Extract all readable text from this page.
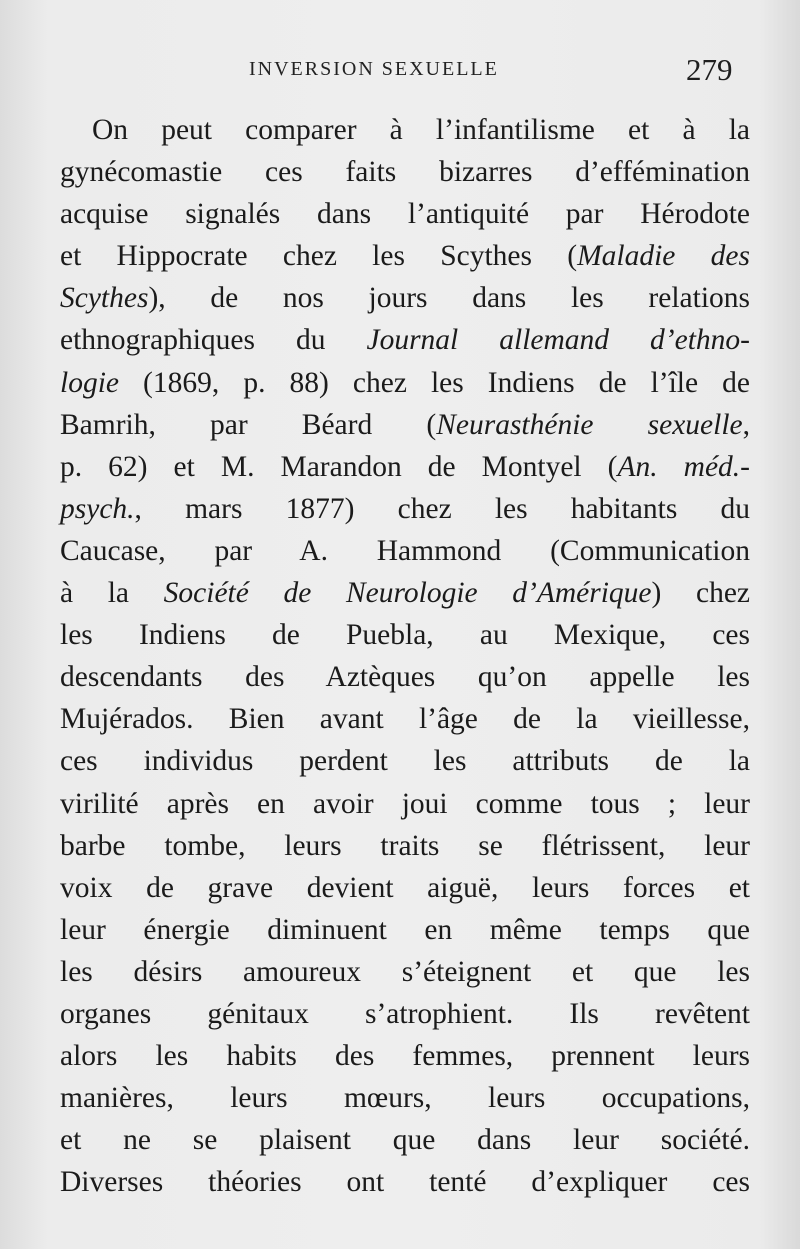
INVERSION SEXUELLE	279
On peut comparer à l’infantilisme et à la
gynécomastie ces faits bizarres d’effémination
acquise signalés dans l’antiquité par Hérodote
et Hippocrate chez les Scythes (Maladie des
Scythes), de nos jours dans les relations
ethnographiques du Journal allemand d’ethno-
logie (1869, p. 88) chez les Indiens de l’île de
Bamrih, par Béard (Neurasthénie sexuelle,
p. 62) et M. Marandon de Montyel (An. méd.-
psych., mars 1877) chez les habitants du
Caucase, par A. Hammond (Communication
à la Société de Neurologie d’Amérique) chez
les Indiens de Puebla, au Mexique, ces
descendants des Aztèques qu’on appelle les
Mujérados. Bien avant l’âge de la vieillesse,
ces individus perdent les attributs de la
virilité après en avoir joui comme tous ; leur
barbe tombe, leurs traits se flétrissent, leur
voix de grave devient aiguë, leurs forces et
leur énergie diminuent en même temps que
les désirs amoureux s’éteignent et que les
organes génitaux s’atrophient. Ils revêtent
alors les habits des femmes, prennent leurs
manières, leurs mœurs, leurs occupations,
et ne se plaisent que dans leur société.
Diverses théories ont tenté d’expliquer ces
